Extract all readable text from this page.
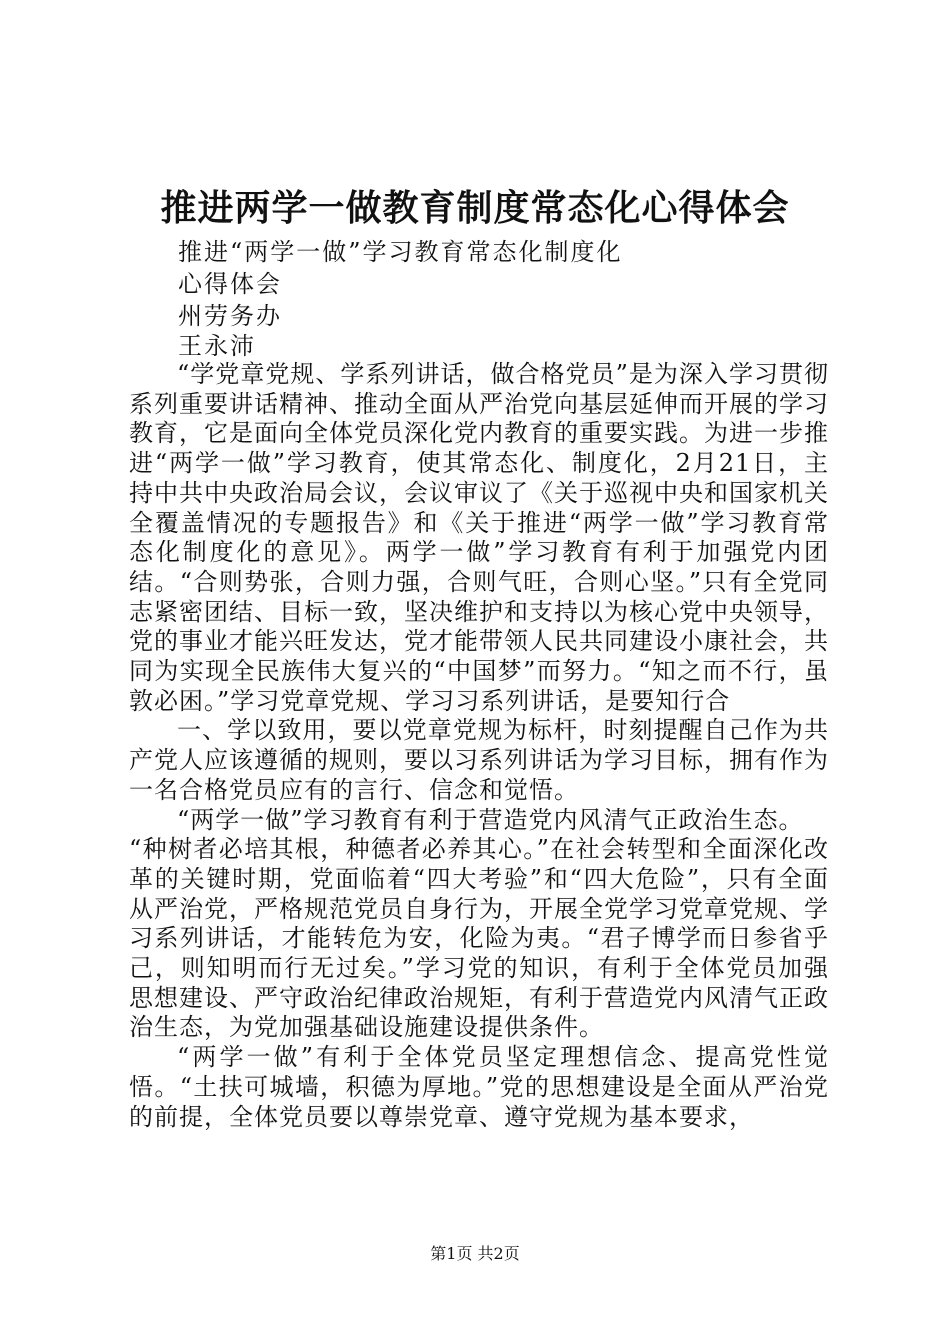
推进两学一做教育制度常态化心得体会
推进“两学一做”学习教育常态化制度化
心得体会
州劳务办
王永沛

“学党章党规、学系列讲话，做合格党员”是为深入学习贯彻系列重要讲话精神、推动全面从严治党向基层延伸而开展的学习教育，它是面向全体党员深化党内教育的重要实践。为进一步推进“两学一做”学习教育，使其常态化、制度化，2月21日，主持中共中央政治局会议，会议审议了《关于巡视中央和国家机关全覆盖情况的专题报告》和《关于推进“两学一做”学习教育常态化制度化的意见》。两学一做”学习教育有利于加强党内团结。“合则势张，合则力强，合则气旺，合则心坚。”只有全党同志紧密团结、目标一致，坚决维护和支持以为核心党中央领导，党的事业才能兴旺发达，党才能带领人民共同建设小康社会，共同为实现全民族伟大复兴的“中国梦”而努力。“知之而不行，虽敦必困。”学习党章党规、学习习系列讲话，是要知行合

一、学以致用，要以党章党规为标杆，时刻提醒自己作为共产党人应该遵循的规则，要以习系列讲话为学习目标，拥有作为一名合格党员应有的言行、信念和觉悟。

“两学一做”学习教育有利于营造党内风清气正政治生态。

“种树者必培其根，种德者必养其心。”在社会转型和全面深化改革的关键时期，党面临着“四大考验”和“四大危险”，只有全面从严治党，严格规范党员自身行为，开展全党学习党章党规、学习系列讲话，才能转危为安，化险为夷。“君子博学而日参省乎己，则知明而行无过矣。”学习党的知识，有利于全体党员加强思想建设、严守政治纪律政治规矩，有利于营造党内风清气正政治生态，为党加强基础设施建设提供条件。

“两学一做”有利于全体党员坚定理想信念、提高党性觉悟。“土扶可城墙，积德为厚地。”党的思想建设是全面从严治党的前提，全体党员要以尊崇党章、遵守党规为基本要求，

第1页 共2页
